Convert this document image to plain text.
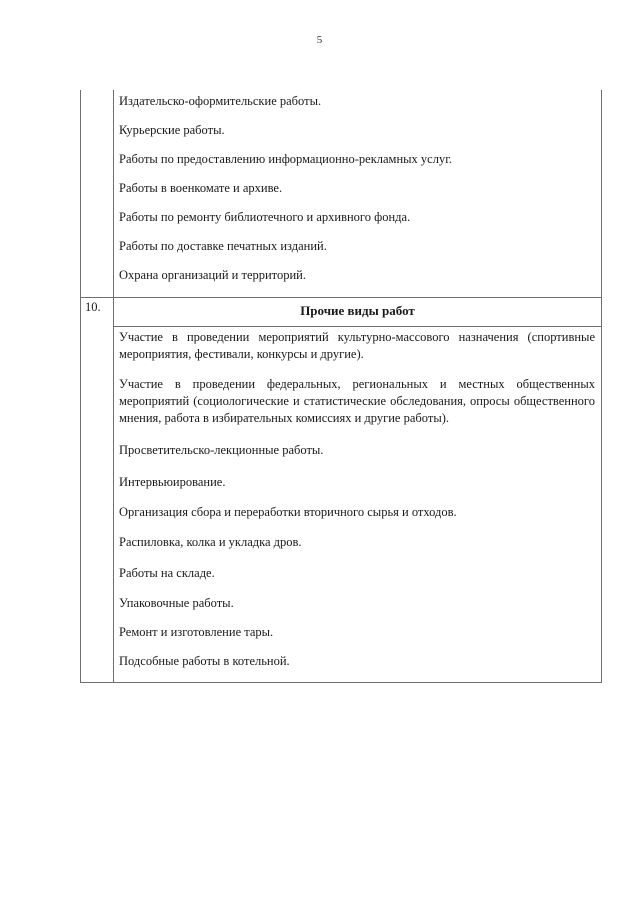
5
Издательско-оформительские работы.
Курьерские работы.
Работы по предоставлению информационно-рекламных услуг.
Работы в военкомате и архиве.
Работы по ремонту библиотечного и архивного фонда.
Работы по доставке печатных изданий.
Охрана организаций и территорий.
10.	Прочие виды работ
Участие в проведении мероприятий культурно-массового назначения (спортивные мероприятия, фестивали, конкурсы и другие).
Участие в проведении федеральных, региональных и местных общественных мероприятий (социологические и статистические обследования, опросы общественного мнения, работа в избирательных комиссиях и другие работы).
Просветительско-лекционные работы.
Интервьюирование.
Организация сбора и переработки вторичного сырья и отходов.
Распиловка, колка и укладка дров.
Работы на складе.
Упаковочные работы.
Ремонт и изготовление тары.
Подсобные работы в котельной.
